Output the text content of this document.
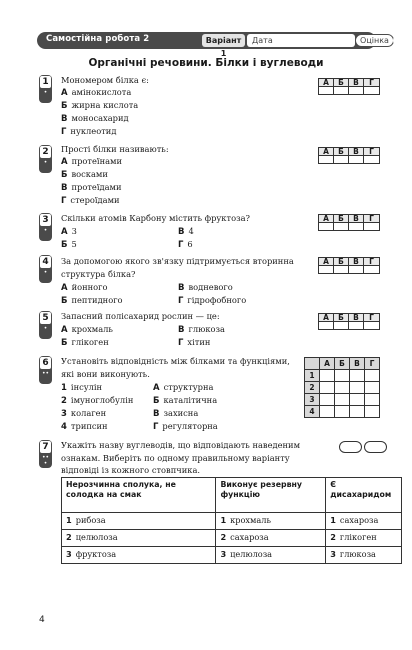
Самостійна робота 2	Варіант 1
Дата	Оцінка
Органічні речовини. Білки і вуглеводи
1
•
Мономером білка є:
А амінокислота
Б жирна кислота
В моносахарид
Г нуклеотид
А	Б	В	Г
2
•
Прості білки називають:
А протеїнами
Б восками
В протеїдами
Г стероїдами
А	Б	В	Г
3
•
Скільки атомів Карбону містить фруктоза?
А 3	В 4
Б 5	Г 6
А	Б	В	Г
4
•
За допомогою якого зв'язку підтримується вторинна структура білка?
А йонного	В водневого
Б пептидного	Г гідрофобного
А	Б	В	Г
5
•
Запасний полісахарид рослин — це:
А крохмаль	В глюкоза
Б глікоген	Г хітин
А	Б	В	Г
6
••
Установіть відповідність між білками та функціями, які вони виконують.
1 інсулін
2 імуноглобулін
3 колаген
4 трипсин
А структурна
Б каталітична
В захисна
Г регуляторна
	А	Б	В	Г
1				
2				
3				
4				
7
••
•
Укажіть назву вуглеводів, що відповідають наведеним ознакам. Виберіть по одному правильному варіанту відповіді із кожного стовпчика.
Нерозчинна сполука, не солодка на смак	Виконує резервну функцію	Є дисахаридом
1 рибоза	1 крохмаль	1 сахароза
2 целюлоза	2 сахароза	2 глікоген
3 фруктоза	3 целюлоза	3 глюкоза
4
